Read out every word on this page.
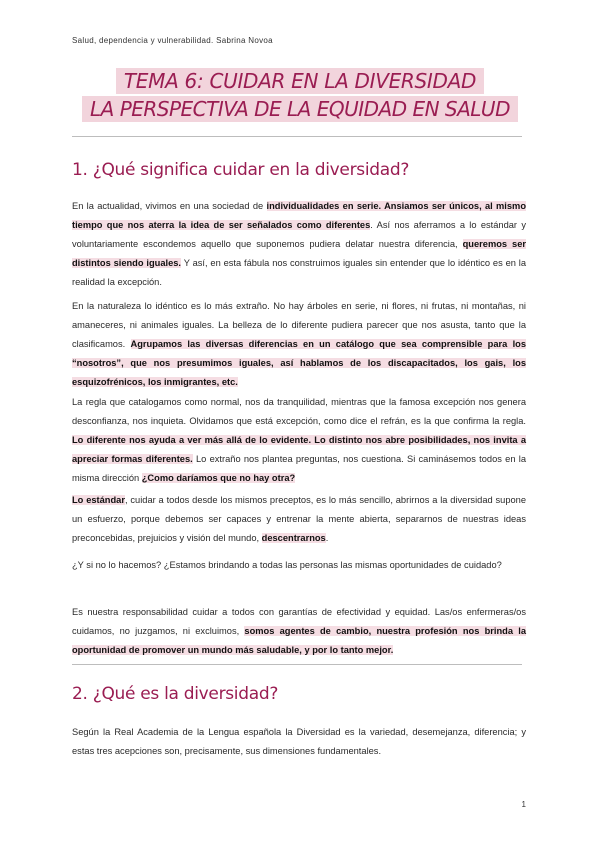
Salud, dependencia y vulnerabilidad. Sabrina Novoa
TEMA 6: CUIDAR EN LA DIVERSIDAD
LA PERSPECTIVA DE LA EQUIDAD EN SALUD
1. ¿Qué significa cuidar en la diversidad?

En la actualidad, vivimos en una sociedad de individualidades en serie. Ansiamos ser únicos, al mismo tiempo que nos aterra la idea de ser señalados como diferentes. Así nos aferramos a lo estándar y voluntariamente escondemos aquello que suponemos pudiera delatar nuestra diferencia, queremos ser distintos siendo iguales. Y así, en esta fábula nos construimos iguales sin entender que lo idéntico es en la realidad la excepción.

En la naturaleza lo idéntico es lo más extraño. No hay árboles en serie, ni flores, ni frutas, ni montañas, ni amaneceres, ni animales iguales. La belleza de lo diferente pudiera parecer que nos asusta, tanto que la clasificamos. Agrupamos las diversas diferencias en un catálogo que sea comprensible para los “nosotros”, que nos presumimos iguales, así hablamos de los discapacitados, los gais, los esquizofrénicos, los inmigrantes, etc.

La regla que catalogamos como normal, nos da tranquilidad, mientras que la famosa excepción nos genera desconfianza, nos inquieta. Olvidamos que está excepción, como dice el refrán, es la que confirma la regla. Lo diferente nos ayuda a ver más allá de lo evidente. Lo distinto nos abre posibilidades, nos invita a apreciar formas diferentes. Lo extraño nos plantea preguntas, nos cuestiona. Si caminásemos todos en la misma dirección ¿Como daríamos que no hay otra?

Lo estándar, cuidar a todos desde los mismos preceptos, es lo más sencillo, abrirnos a la diversidad supone un esfuerzo, porque debemos ser capaces y entrenar la mente abierta, separarnos de nuestras ideas preconcebidas, prejuicios y visión del mundo, descentrarnos.

¿Y si no lo hacemos? ¿Estamos brindando a todas las personas las mismas oportunidades de cuidado?

Es nuestra responsabilidad cuidar a todos con garantías de efectividad y equidad. Las/os enfermeras/os cuidamos, no juzgamos, ni excluimos, somos agentes de cambio, nuestra profesión nos brinda la oportunidad de promover un mundo más saludable, y por lo tanto mejor.

2. ¿Qué es la diversidad?

Según la Real Academia de la Lengua española la Diversidad es la variedad, desemejanza, diferencia; y estas tres acepciones son, precisamente, sus dimensiones fundamentales.

1
